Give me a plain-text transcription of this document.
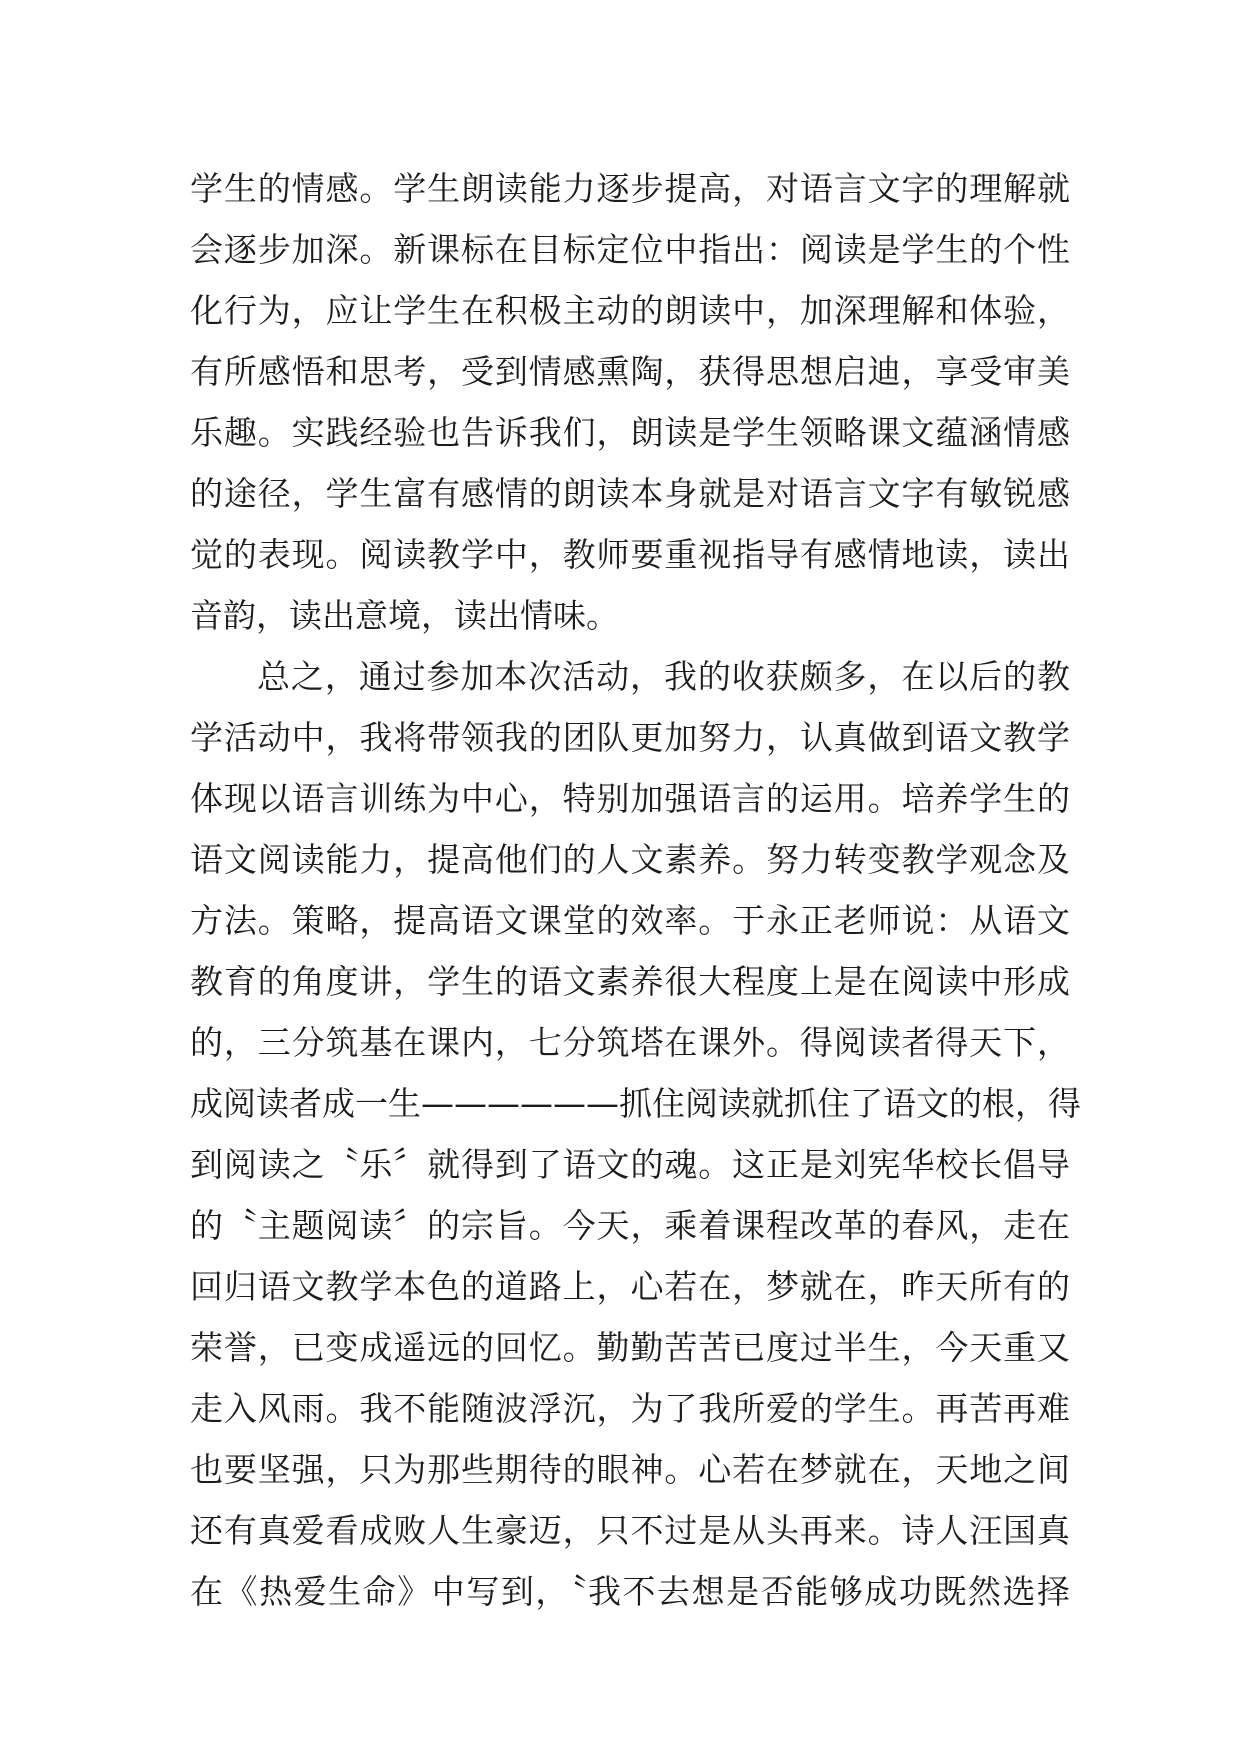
学生的情感。学生朗读能力逐步提高，对语言文字的理解就
会逐步加深。新课标在目标定位中指出：阅读是学生的个性
化行为，应让学生在积极主动的朗读中，加深理解和体验，
有所感悟和思考，受到情感熏陶，获得思想启迪，享受审美
乐趣。实践经验也告诉我们，朗读是学生领略课文蕴涵情感
的途径，学生富有感情的朗读本身就是对语言文字有敏锐感
觉的表现。阅读教学中，教师要重视指导有感情地读，读出
音韵，读出意境，读出情味。
总之，通过参加本次活动，我的收获颇多，在以后的教
学活动中，我将带领我的团队更加努力，认真做到语文教学
体现以语言训练为中心，特别加强语言的运用。培养学生的
语文阅读能力，提高他们的人文素养。努力转变教学观念及
方法。策略，提高语文课堂的效率。于永正老师说：从语文
教育的角度讲，学生的语文素养很大程度上是在阅读中形成
的，三分筑基在课内，七分筑塔在课外。得阅读者得天下，
成阅读者成一生——————抓住阅读就抓住了语文的根，得
到阅读之〝乐〞就得到了语文的魂。这正是刘宪华校长倡导
的〝主题阅读〞的宗旨。今天，乘着课程改革的春风，走在
回归语文教学本色的道路上，心若在，梦就在，昨天所有的
荣誉，已变成遥远的回忆。勤勤苦苦已度过半生，今天重又
走入风雨。我不能随波浮沉，为了我所爱的学生。再苦再难
也要坚强，只为那些期待的眼神。心若在梦就在，天地之间
还有真爱看成败人生豪迈，只不过是从头再来。诗人汪国真
在《热爱生命》中写到，〝我不去想是否能够成功既然选择
